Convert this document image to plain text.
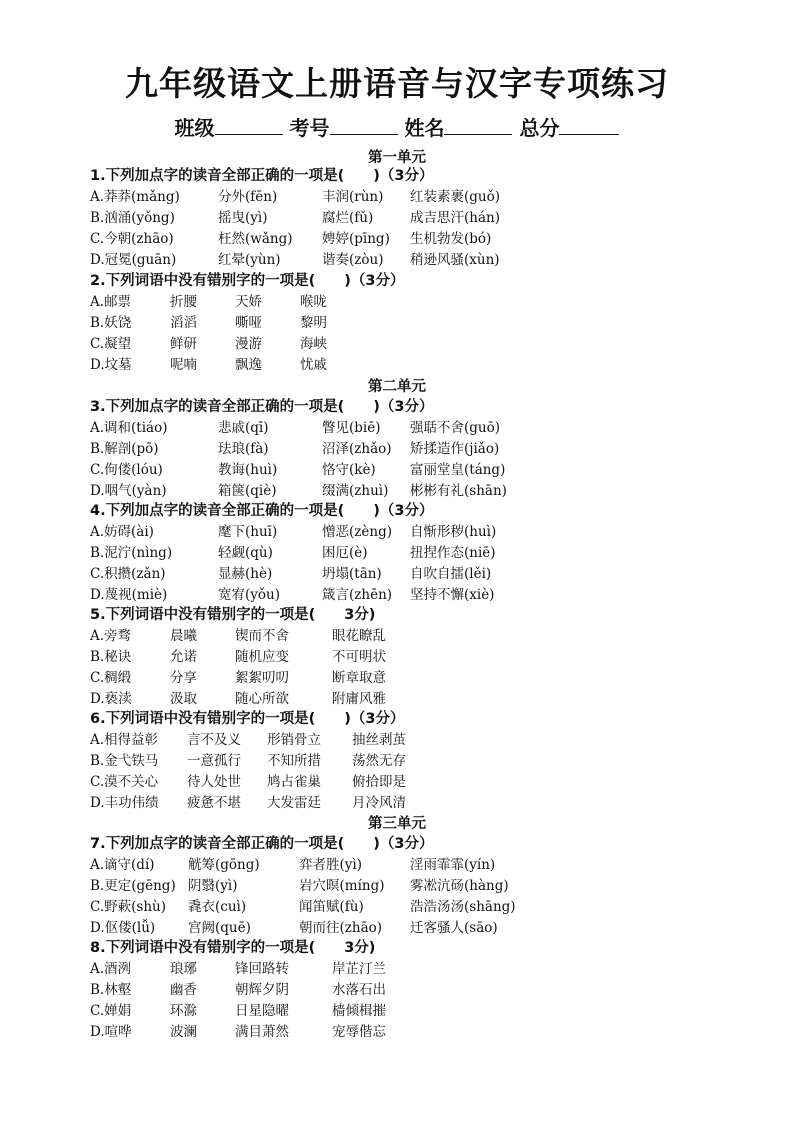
九年级语文上册语音与汉字专项练习
班级	考号	姓名	总分
第一单元
1.下列加点字的读音全部正确的一项是(　　)（3分）
A.莽莽(mǎng)	分外(fēn)	丰润(rùn) 红装素裹(guǒ)
B.汹涌(yǒng)	摇曳(yì)	腐烂(fǔ)	成吉思汗(hán)
C.今朝(zhāo)	枉然(wǎng) 娉婷(pīng) 生机勃发(bó)
D.冠冕(guān)	红晕(yùn)	谐奏(zòu) 稍逊风骚(xùn)
2.下列词语中没有错别字的一项是(　　)（3分）
A.邮票	折腰	天娇	喉咙
B.妖饶	滔滔	嘶哑	黎明
C.凝望	鲜研	漫游	海峡
D.坟墓	呢喃	飘逸	忧戚
第二单元
3.下列加点字的读音全部正确的一项是(　　)（3分）
A.调和(tiáo)	悲戚(qī)	瞥见(biē) 强聒不舍(guō)
B.解剖(pō)	珐琅(fà)	沼泽(zhǎo) 矫揉造作(jiǎo)
C.佝偻(lóu)	教诲(huì)	恪守(kè)	富丽堂皇(táng)
D.咽气(yàn)	箱箧(qiè)	缀满(zhuì) 彬彬有礼(shān)
4.下列加点字的读音全部正确的一项是(　　)（3分）
A.妨碍(ài)	麾下(huī)	憎恶(zèng) 自惭形秽(huì)
B.泥泞(nìng)	轻觑(qù)	困厄(è)	扭捏作态(niē)
C.积攒(zǎn)	显赫(hè)	坍塌(tān) 自吹自擂(lěi)
D.蔑视(miè)	宽宥(yǒu)	箴言(zhēn) 坚持不懈(xiè)
5.下列词语中没有错别字的一项是(　　3分)
A.旁骛	晨曦	锲而不舍	眼花瞭乱
B.秘诀	允诺	随机应变	不可明状
C.稠缎	分享	絮絮叨叨	断章取意
D.亵渎	汲取	随心所欲	附庸风雅
6.下列词语中没有错别字的一项是(　　)（3分）
A.相得益彰 言不及义 形销骨立 抽丝剥茧
B.金弋铁马 一意孤行 不知所措 荡然无存
C.漠不关心 待人处世 鸠占雀巢 俯拾即是
D.丰功伟绩 疲惫不堪 大发雷廷 月冷风清
第三单元
7.下列加点字的读音全部正确的一项是(　　)（3分）
A.谪守(dí) 觥筹(gōng)	弈者胜(yì)	淫雨霏霏(yín)
B.更定(gēng) 阴翳(yì)	岩穴暝(míng) 雾凇沆砀(hàng)
C.野蔌(shù) 毳衣(cuì)	闻笛赋(fù)	浩浩汤汤(shāng)
D.伛偻(lǚ) 宫阙(quē)	朝而往(zhāo) 迁客骚人(sāo)
8.下列词语中没有错别字的一项是(　　3分)
A.酒洌	琅琊	锋回路转	岸芷汀兰
B.林壑	幽香	朝辉夕阴	水落石出
C.婵娟	环滁	日星隐曜	樯倾楫摧
D.喧哗	波澜	满目萧然	宠辱偕忘
